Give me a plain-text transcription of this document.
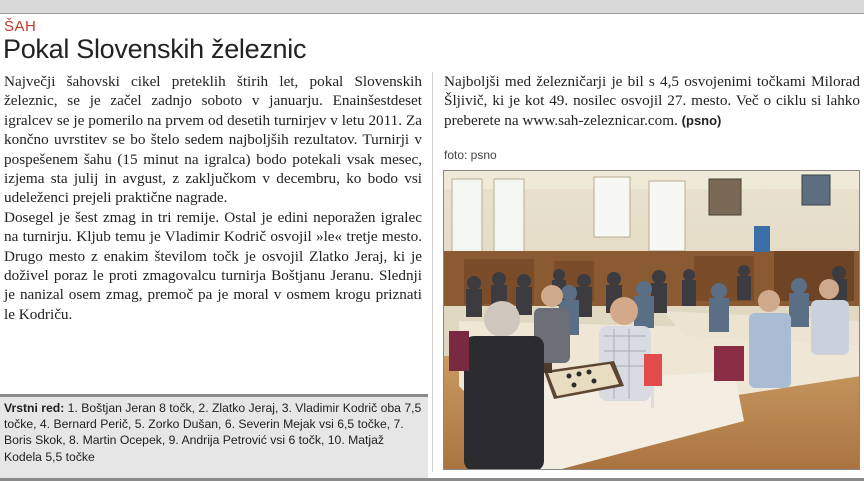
ŠAH
Pokal Slovenskih železnic

Največji šahovski cikel preteklih štirih let, pokal Slovenskih železnic, se je začel zadnjo soboto v januarju. Enainšestdeset igralcev se je pomerilo na prvem od desetih turnirjev v letu 2011. Za končno uvrstitev se bo štelo sedem najboljših rezultatov. Turnirji v pospešenem šahu (15 minut na igralca) bodo potekali vsak mesec, izjema sta julij in avgust, z zaključkom v decembru, ko bodo vsi udeleženci prejeli praktične nagrade.

Dosegel je šest zmag in tri remije. Ostal je edini neporažen igralec na turnirju. Kljub temu je Vladimir Kodrič osvojil »le« tretje mesto. Drugo mesto z enakim številom točk je osvojil Zlatko Jeraj, ki je doživel poraz le proti zmagovalcu turnirja Boštjanu Jeranu. Slednji je nanizal osem zmag, premoč pa je moral v osmem krogu priznati le Kodriču.

Vrstni red: 1. Boštjan Jeran 8 točk, 2. Zlatko Jeraj, 3. Vladimir Kodrič oba 7,5 točke, 4. Bernard Perič, 5. Zorko Dušan, 6. Severin Mejak vsi 6,5 točke, 7. Boris Skok, 8. Martin Ocepek, 9. Andrija Petrović vsi 6 točk, 10. Matjaž Kodela 5,5 točke

Najboljši med železničarji je bil s 4,5 osvojenimi točkami Milorad Šljivič, ki je kot 49. nosilec osvojil 27. mesto. Več o ciklu si lahko preberete na www.sah-zeleznicar.com. (psno)

foto: psno
